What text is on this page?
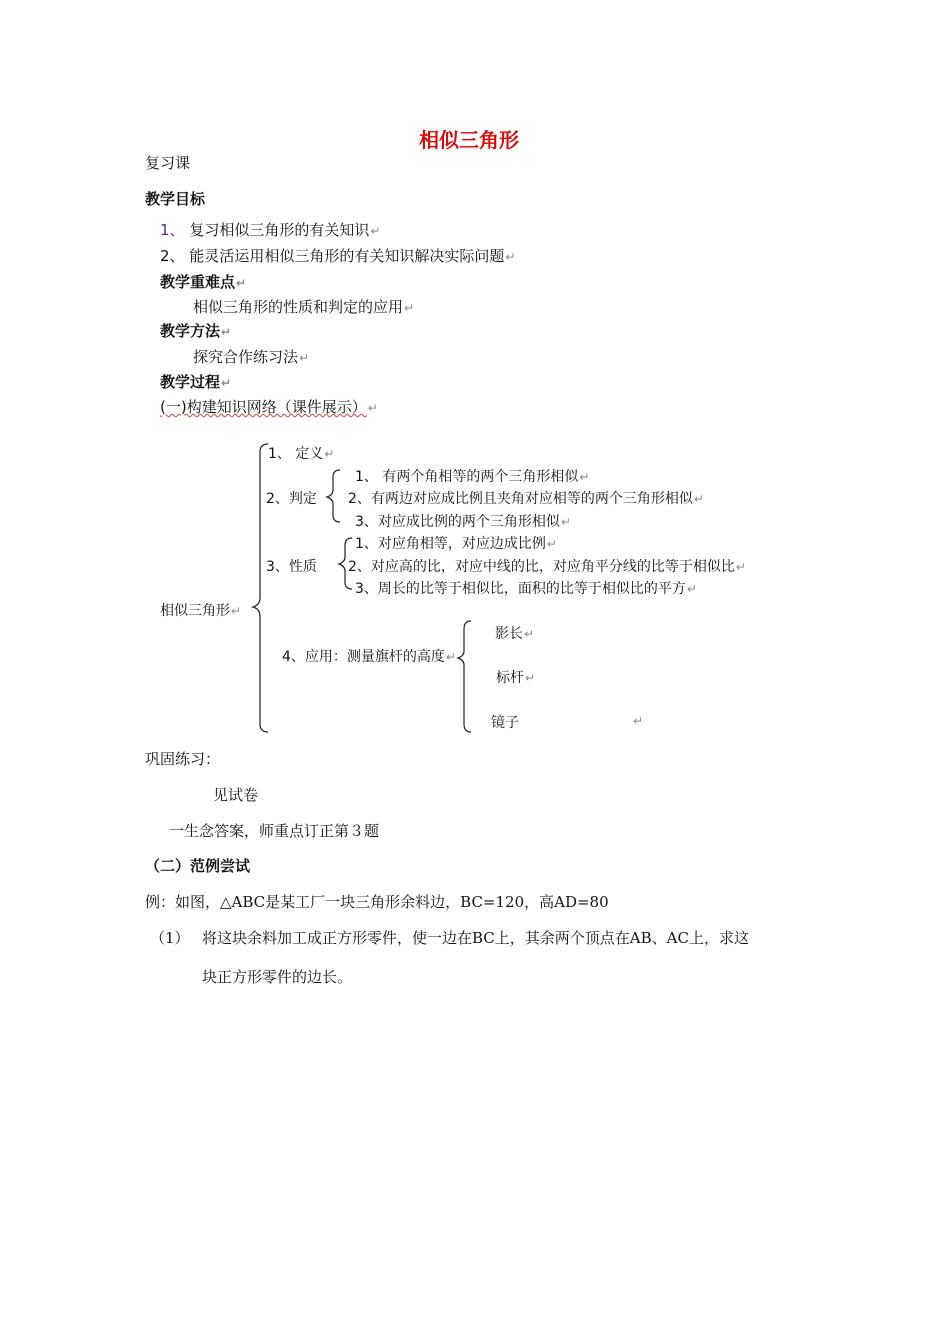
相似三角形
复习课
教学目标
1、 复习相似三角形的有关知识↵
2、 能灵活运用相似三角形的有关知识解决实际问题↵
教学重难点↵
相似三角形的性质和判定的应用↵
教学方法↵
探究合作练习法↵
教学过程↵
(一)构建知识网络（课件展示）↵
相似三角形↵
1、 定义↵
2、判定
1、 有两个角相等的两个三角形相似↵
2、有两边对应成比例且夹角对应相等的两个三角形相似↵
3、对应成比例的两个三角形相似↵
3、性质
1、对应角相等，对应边成比例↵
2、对应高的比，对应中线的比，对应角平分线的比等于相似比↵
3、周长的比等于相似比，面积的比等于相似比的平方↵
4、应用：测量旗杆的高度↵
影长↵
标杆↵
镜子	↵
巩固练习：
见试卷
一生念答案，师重点订正第３题
（二）范例尝试
例：如图，△ABC是某工厂一块三角形余料边，BC=120，高AD=80
（1） 将这块余料加工成正方形零件，使一边在BC上，其余两个顶点在AB、AC上，求这
块正方形零件的边长。
